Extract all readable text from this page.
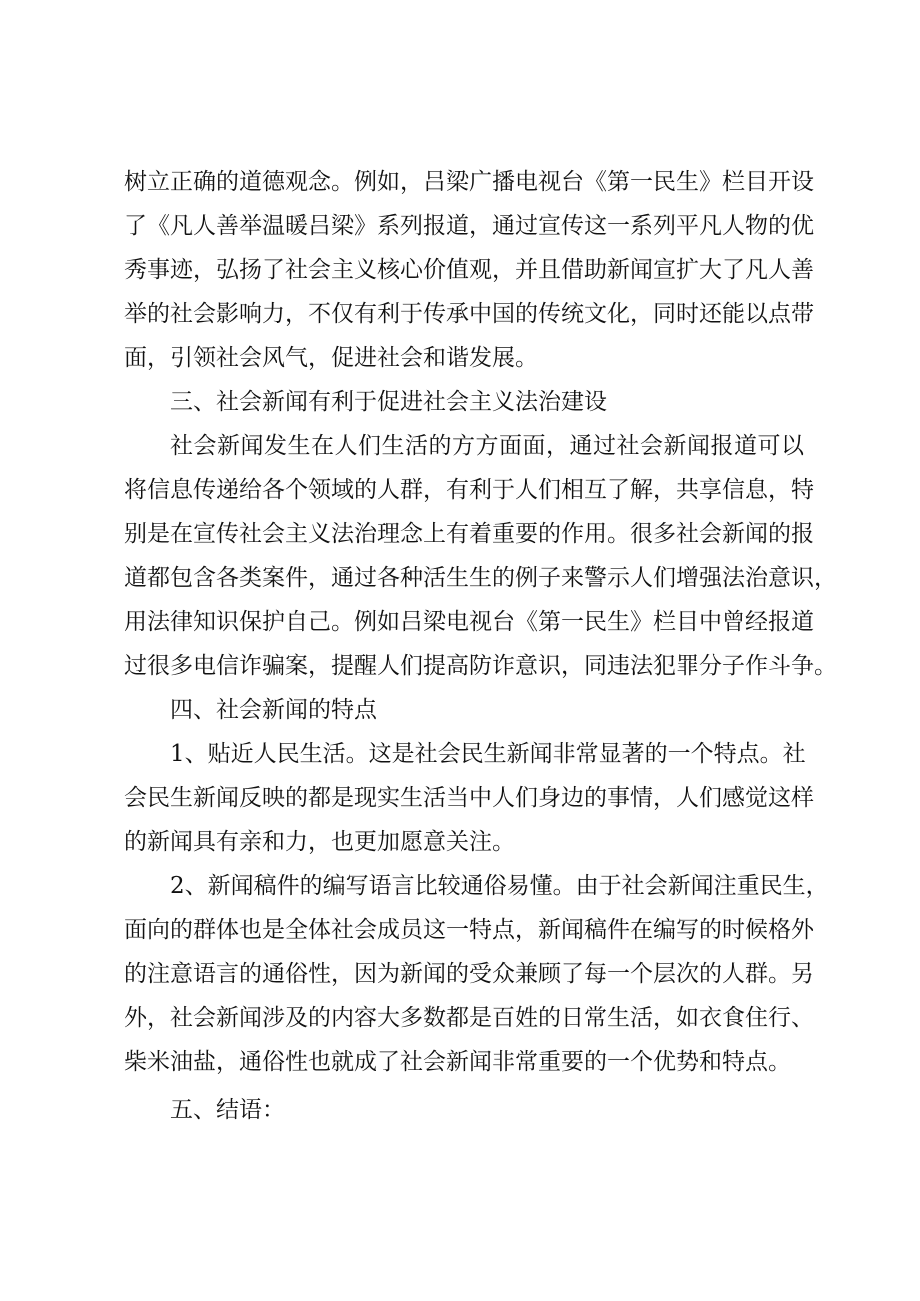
树立正确的道德观念。例如，吕梁广播电视台《第一民生》栏目开设
了《凡人善举温暖吕梁》系列报道，通过宣传这一系列平凡人物的优
秀事迹，弘扬了社会主义核心价值观，并且借助新闻宣扩大了凡人善
举的社会影响力，不仅有利于传承中国的传统文化，同时还能以点带
面，引领社会风气，促进社会和谐发展。
三、社会新闻有利于促进社会主义法治建设
社会新闻发生在人们生活的方方面面，通过社会新闻报道可以
将信息传递给各个领域的人群，有利于人们相互了解，共享信息，特
别是在宣传社会主义法治理念上有着重要的作用。很多社会新闻的报
道都包含各类案件，通过各种活生生的例子来警示人们增强法治意识，
用法律知识保护自己。例如吕梁电视台《第一民生》栏目中曾经报道
过很多电信诈骗案，提醒人们提高防诈意识，同违法犯罪分子作斗争。
四、社会新闻的特点
1、贴近人民生活。这是社会民生新闻非常显著的一个特点。社
会民生新闻反映的都是现实生活当中人们身边的事情，人们感觉这样
的新闻具有亲和力，也更加愿意关注。
2、新闻稿件的编写语言比较通俗易懂。由于社会新闻注重民生，
面向的群体也是全体社会成员这一特点，新闻稿件在编写的时候格外
的注意语言的通俗性，因为新闻的受众兼顾了每一个层次的人群。另
外，社会新闻涉及的内容大多数都是百姓的日常生活，如衣食住行、
柴米油盐，通俗性也就成了社会新闻非常重要的一个优势和特点。
五、结语：
